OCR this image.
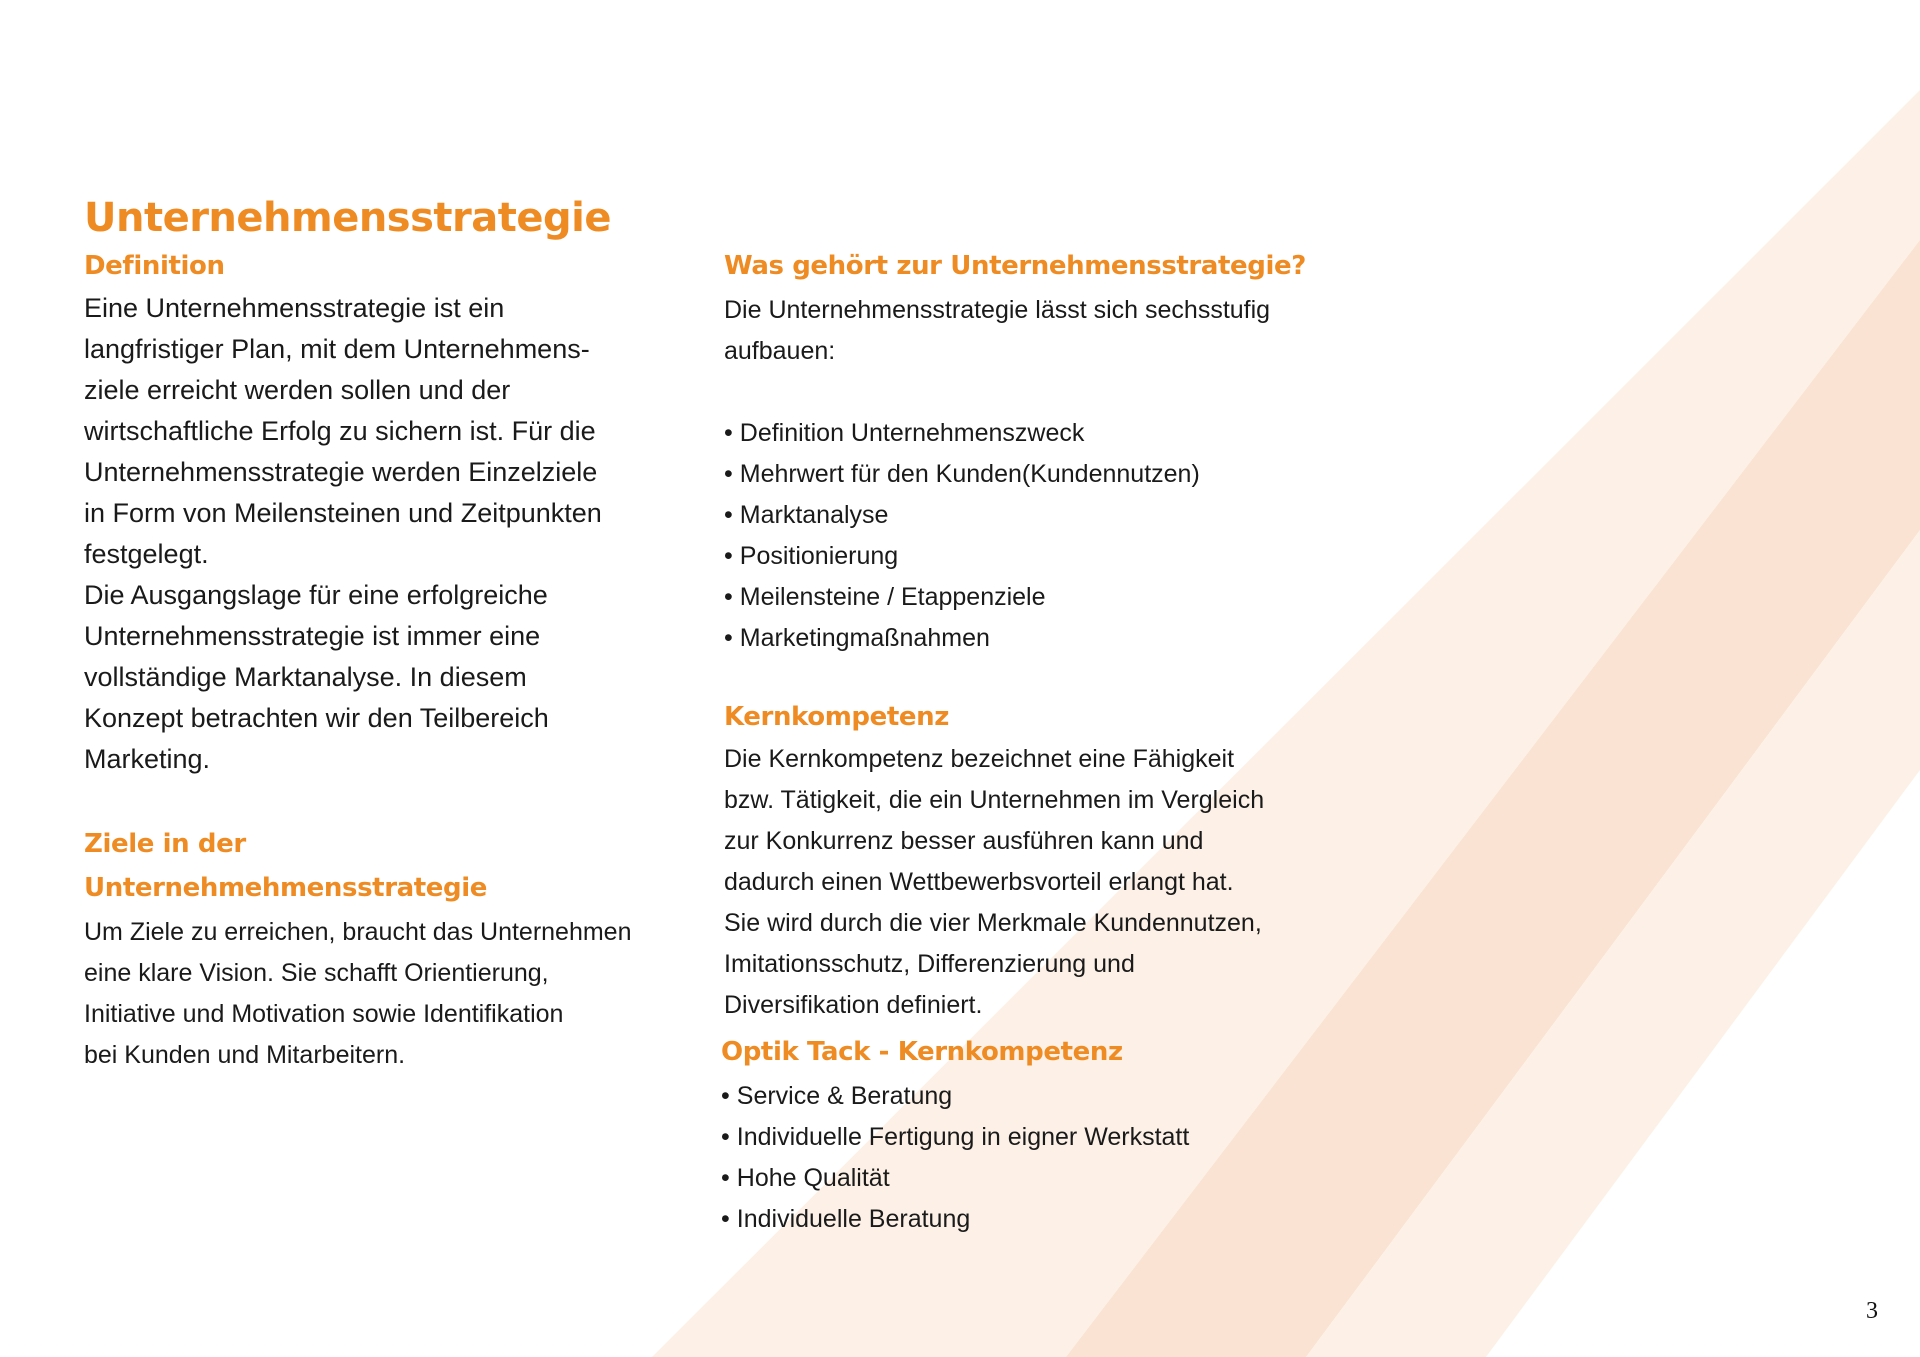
Unternehmensstrategie
Definition

Eine Unternehmensstrategie ist ein
langfristiger Plan, mit dem Unternehmens-
ziele erreicht werden sollen und der
wirtschaftliche Erfolg zu sichern ist. Für die
Unternehmensstrategie werden Einzelziele
in Form von Meilensteinen und Zeitpunkten
festgelegt.
Die Ausgangslage für eine erfolgreiche
Unternehmensstrategie ist immer eine
vollständige Marktanalyse. In diesem
Konzept betrachten wir den Teilbereich
Marketing.

Ziele in der Unternehmehmensstrategie

Um Ziele zu erreichen, braucht das Unternehmen
eine klare Vision. Sie schafft Orientierung,
Initiative und Motivation sowie Identifikation
bei Kunden und Mitarbeitern.

Was gehört zur Unternehmensstrategie?

Die Unternehmensstrategie lässt sich sechsstufig
aufbauen:

• Definition Unternehmenszweck
• Mehrwert für den Kunden(Kundennutzen)
• Marktanalyse
• Positionierung
• Meilensteine / Etappenziele
• Marketingmaßnahmen
Kernkompetenz

Die Kernkompetenz bezeichnet eine Fähigkeit
bzw. Tätigkeit, die ein Unternehmen im Vergleich
zur Konkurrenz besser ausführen kann und
dadurch einen Wettbewerbsvorteil erlangt hat.
Sie wird durch die vier Merkmale Kundennutzen,
Imitationsschutz, Differenzierung und
Diversifikation definiert.

Optik Tack - Kernkompetenz
• Service & Beratung
• Individuelle Fertigung in eigner Werkstatt
• Hohe Qualität
• Individuelle Beratung
3
